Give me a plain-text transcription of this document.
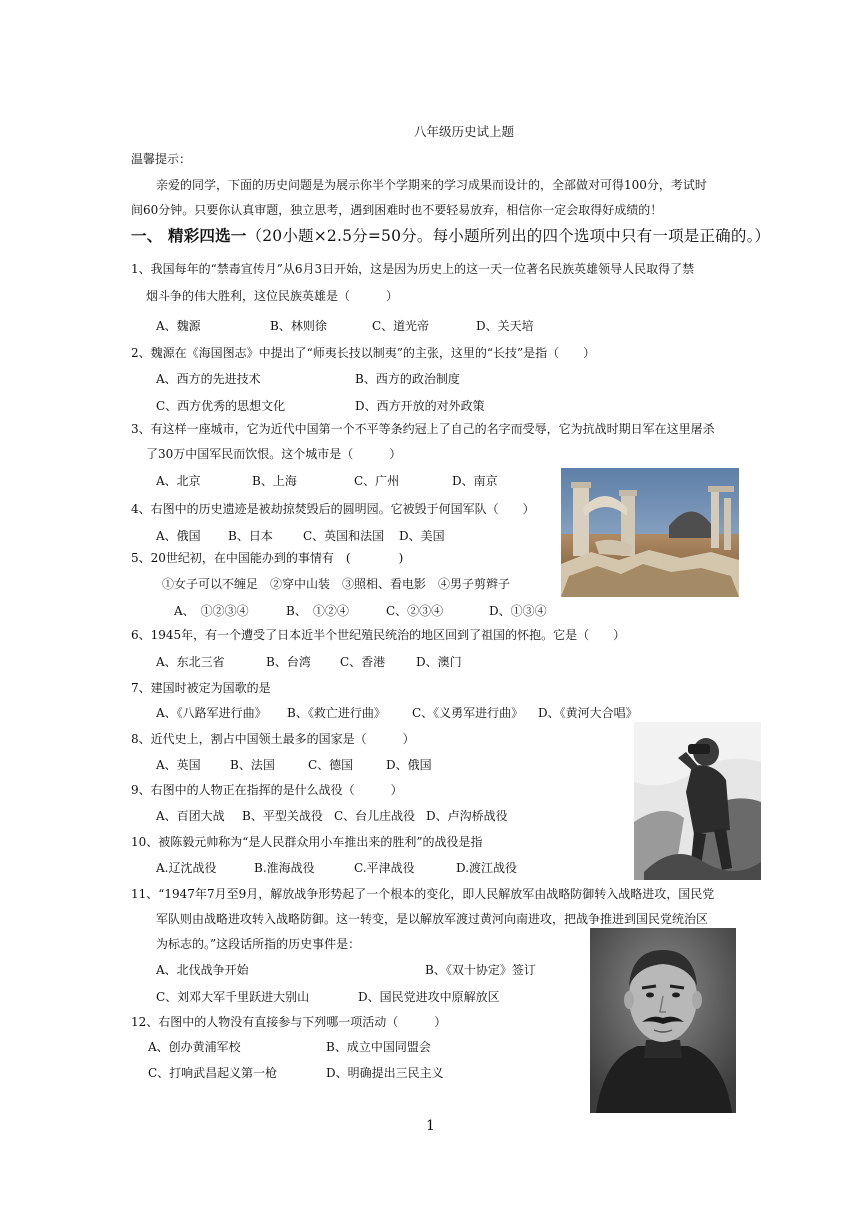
八年级历史试上题
温馨提示：
亲爱的同学，下面的历史问题是为展示你半个学期来的学习成果而设计的，全部做对可得100分，考试时
间60分钟。只要你认真审题，独立思考，遇到困难时也不要轻易放弃，相信你一定会取得好成绩的！
一、 精彩四选一（20小题×2.5分=50分。每小题所列出的四个选项中只有一项是正确的。）
1、我国每年的“禁毒宣传月”从6月3日开始，这是因为历史上的这一天一位著名民族英雄领导人民取得了禁
烟斗争的伟大胜利，这位民族英雄是（　　　）
A、魏源	B、林则徐	C、道光帝	D、关天培
2、魏源在《海国图志》中提出了“师夷长技以制夷”的主张，这里的“长技”是指（　　）
A、西方的先进技术	B、西方的政治制度
C、西方优秀的思想文化	D、西方开放的对外政策
3、有这样一座城市，它为近代中国第一个不平等条约冠上了自己的名字而受辱，它为抗战时期日军在这里屠杀
了30万中国军民而饮恨。这个城市是（　　　）
A、北京	B、上海	C、广州	D、南京
4、右图中的历史遗迹是被劫掠焚毁后的圆明园。它被毁于何国军队（　　）
A、俄国 B、日本	C、英国和法国 D、美国
5、20世纪初，在中国能办到的事情有　(　　　　)
①女子可以不缠足　②穿中山装　③照相、看电影　④男子剪辫子
A、　①②③④	B、　①②④	C、②③④	D、①③④
6、1945年，有一个遭受了日本近半个世纪殖民统治的地区回到了祖国的怀抱。它是（　　）
A、东北三省	B、台湾 C、香港	D、澳门
7、建国时被定为国歌的是
A、《八路军进行曲》 B、《救亡进行曲》 C、《义勇军进行曲》 D、《黄河大合唱》
8、近代史上，割占中国领土最多的国家是（　　　）
A、英国 B、法国	C、德国	D、俄国
9、右图中的人物正在指挥的是什么战役（　　　）
A、百团大战 B、平型关战役 C、台儿庄战役 D、卢沟桥战役
10、被陈毅元帅称为“是人民群众用小车推出来的胜利”的战役是指
A.辽沈战役	B.淮海战役	C.平津战役	D.渡江战役
11、“1947年7月至9月，解放战争形势起了一个根本的变化，即人民解放军由战略防御转入战略进攻，国民党
军队则由战略进攻转入战略防御。这一转变，是以解放军渡过黄河向南进攻，把战争推进到国民党统治区
为标志的。”这段话所指的历史事件是：
A、北伐战争开始	B、《双十协定》签订
C、刘邓大军千里跃进大别山	D、国民党进攻中原解放区
12、右图中的人物没有直接参与下列哪一项活动（　　　）
A、创办黄浦军校	B、成立中国同盟会
C、打响武昌起义第一枪	D、明确提出三民主义
1
